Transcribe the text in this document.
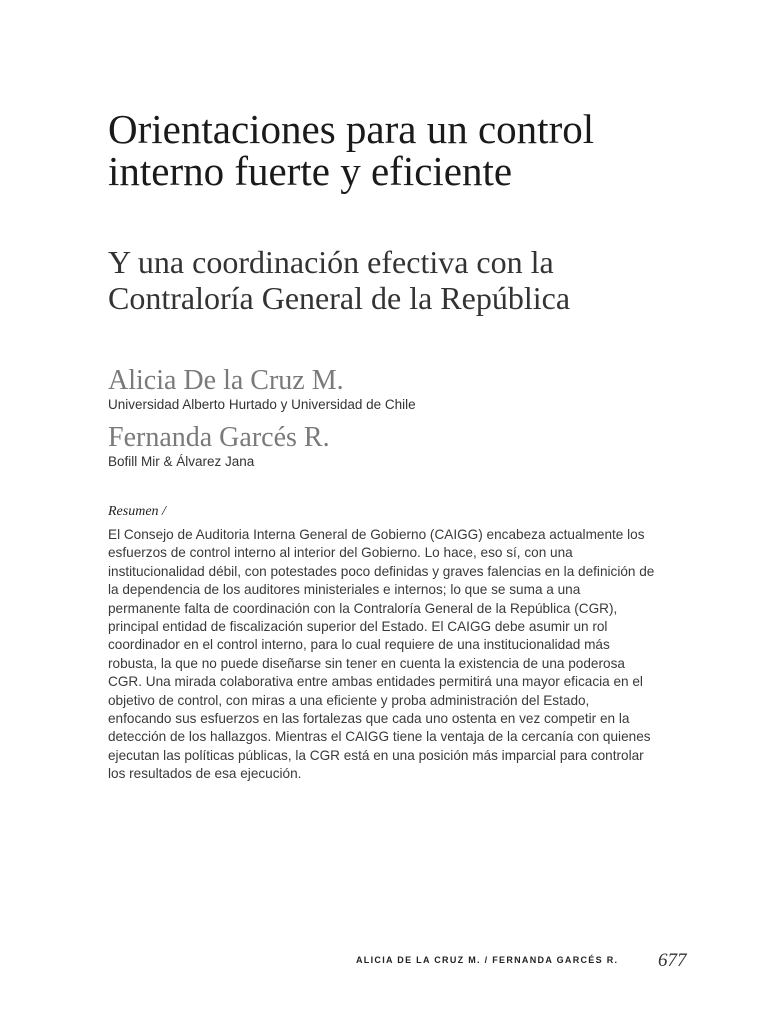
Orientaciones para un control interno fuerte y eficiente
Y una coordinación efectiva con la Contraloría General de la República
Alicia De la Cruz M.
Universidad Alberto Hurtado y Universidad de Chile
Fernanda Garcés R.
Bofill Mir & Álvarez Jana
Resumen /

El Consejo de Auditoria Interna General de Gobierno (CAIGG) encabeza actualmente los esfuerzos de control interno al interior del Gobierno. Lo hace, eso sí, con una institucionalidad débil, con potestades poco definidas y graves falencias en la definición de la dependencia de los auditores ministeriales e internos; lo que se suma a una permanente falta de coordinación con la Contraloría General de la República (CGR), principal entidad de fiscalización superior del Estado. El CAIGG debe asumir un rol coordinador en el control interno, para lo cual requiere de una institucionalidad más robusta, la que no puede diseñarse sin tener en cuenta la existencia de una poderosa CGR. Una mirada colaborativa entre ambas entidades permitirá una mayor eficacia en el objetivo de control, con miras a una eficiente y proba administración del Estado, enfocando sus esfuerzos en las fortalezas que cada uno ostenta en vez competir en la detección de los hallazgos. Mientras el CAIGG tiene la ventaja de la cercanía con quienes ejecutan las políticas públicas, la CGR está en una posición más imparcial para controlar los resultados de esa ejecución.

ALICIA DE LA CRUZ M. / FERNANDA GARCÉS R. 677
